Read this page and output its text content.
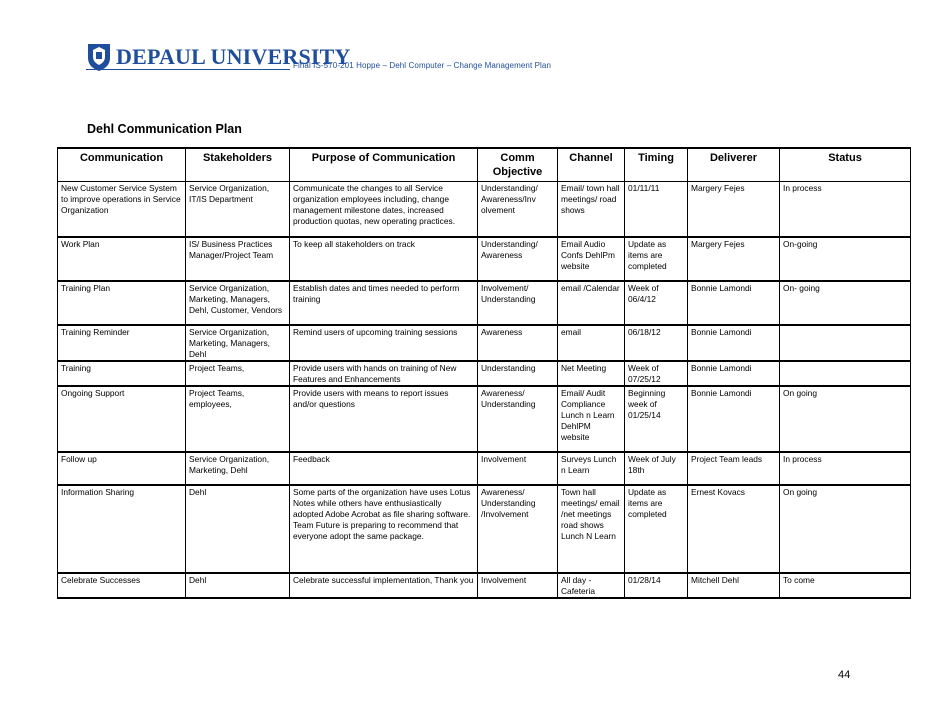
DEPAUL UNIVERSITY
Final IS-570-201 Hoppe – Dehl Computer – Change Management Plan
Dehl Communication Plan
Communication	Stakeholders	Purpose of Communication	Comm Objective	Channel	Timing	Deliverer	Status
New Customer Service System to improve operations in Service Organization	Service Organization, IT/IS Department	Communicate the changes to all Service organization employees including, change management milestone dates, increased production quotas, new operating practices.	Understanding/ Awareness/Inv olvement	Email/ town hall meetings/ road shows	01/11/11	Margery Fejes	In process
Work Plan	IS/ Business Practices Manager/Project Team	To keep all stakeholders on track	Understanding/ Awareness	Email Audio Confs DehlPm website	Update as items are completed	Margery Fejes	On-going
Training Plan	Service Organization, Marketing, Managers, Dehl, Customer, Vendors	Establish dates and times needed to perform training	Involvement/ Understanding	email /Calendar	Week of 06/4/12	Bonnie Lamondi	On- going
Training Reminder	Service Organization, Marketing, Managers, Dehl	Remind users of upcoming training sessions	Awareness	email	06/18/12	Bonnie Lamondi	
Training	Project Teams,	Provide users with hands on training of New Features and Enhancements	Understanding	Net Meeting	Week of 07/25/12	Bonnie Lamondi	
Ongoing Support	Project Teams, employees,	Provide users with means to report issues and/or questions	Awareness/ Understanding	Email/ Audit Compliance Lunch n Learn DehlPM website	Beginning week of 01/25/14	Bonnie Lamondi	On going
Follow up	Service Organization, Marketing, Dehl	Feedback	Involvement	Surveys Lunch n Learn	Week of July 18th	Project Team leads	In process
Information Sharing	Dehl	Some parts of the organization have uses Lotus Notes while others have enthusiastically adopted Adobe Acrobat as file sharing software. Team Future is preparing to recommend that everyone adopt the same package.	Awareness/ Understanding /Involvement	Town hall meetings/ email /net meetings road shows Lunch N Learn	Update as items are completed	Ernest Kovacs	On going
Celebrate Successes	Dehl	Celebrate successful implementation, Thank you	Involvement	All day - Cafeteria	01/28/14	Mitchell Dehl	To come
44
